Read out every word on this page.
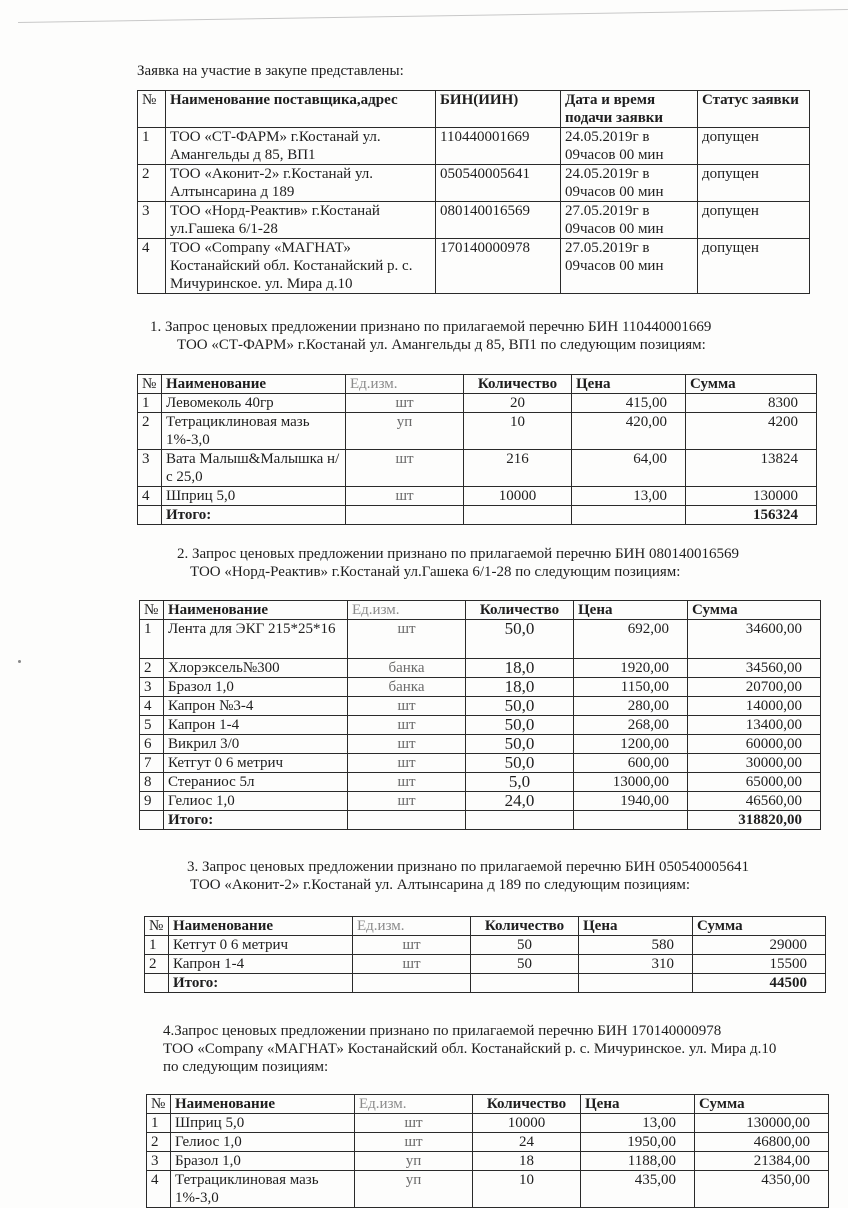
Заявка на участие в закупе представлены:
№	Наименование поставщика,адрес	БИН(ИИН)	Дата и время подачи заявки	Статус заявки
1	ТОО «СТ-ФАРМ» г.Костанай ул. Амангельды д 85, ВП1	110440001669	24.05.2019г в 09часов 00 мин	допущен
2	ТОО «Аконит-2» г.Костанай ул. Алтынсарина д 189	050540005641	24.05.2019г в 09часов 00 мин	допущен
3	ТОО «Норд-Реактив» г.Костанай ул.Гашека 6/1-28	080140016569	27.05.2019г в 09часов 00 мин	допущен
4	ТОО «Company «МАГНАТ» Костанайский обл. Костанайский р. с. Мичуринское. ул. Мира д.10	170140000978	27.05.2019г в 09часов 00 мин	допущен
1. Запрос ценовых предложении признано по прилагаемой перечню БИН 110440001669
ТОО «СТ-ФАРМ» г.Костанай ул. Амангельды д 85, ВП1 по следующим позициям:
№	Наименование	Ед.изм.	Количество	Цена	Сумма
1	Левомеколь 40гр	шт	20	415,00	8300
2	Тетрациклиновая мазь 1%-3,0	уп	10	420,00	4200
3	Вата Малыш&Малышка н/с 25,0	шт	216	64,00	13824
4	Шприц 5,0	шт	10000	13,00	130000
	Итого:				156324
2. Запрос ценовых предложении признано по прилагаемой перечню БИН 080140016569
ТОО «Норд-Реактив» г.Костанай ул.Гашека 6/1-28 по следующим позициям:
№	Наименование	Ед.изм.	Количество	Цена	Сумма
1	Лента для ЭКГ 215*25*16	шт	50,0	692,00	34600,00
2	Хлорэксель№300	банка	18,0	1920,00	34560,00
3	Бразол 1,0	банка	18,0	1150,00	20700,00
4	Капрон №3-4	шт	50,0	280,00	14000,00
5	Капрон 1-4	шт	50,0	268,00	13400,00
6	Викрил 3/0	шт	50,0	1200,00	60000,00
7	Кетгут 0 6 метрич	шт	50,0	600,00	30000,00
8	Стераниос 5л	шт	5,0	13000,00	65000,00
9	Гелиос 1,0	шт	24,0	1940,00	46560,00
	Итого:				318820,00
3. Запрос ценовых предложении признано по прилагаемой перечню БИН 050540005641
ТОО «Аконит-2» г.Костанай ул. Алтынсарина д 189 по следующим позициям:
№	Наименование	Ед.изм.	Количество	Цена	Сумма
1	Кетгут 0 6 метрич	шт	50	580	29000
2	Капрон 1-4	шт	50	310	15500
	Итого:				44500
4.Запрос ценовых предложении признано по прилагаемой перечню БИН 170140000978
ТОО «Company «МАГНАТ» Костанайский обл. Костанайский р. с. Мичуринское. ул. Мира д.10
по следующим позициям:
№	Наименование	Ед.изм.	Количество	Цена	Сумма
1	Шприц 5,0	шт	10000	13,00	130000,00
2	Гелиос 1,0	шт	24	1950,00	46800,00
3	Бразол 1,0	уп	18	1188,00	21384,00
4	Тетрациклиновая мазь 1%-3,0	уп	10	435,00	4350,00
